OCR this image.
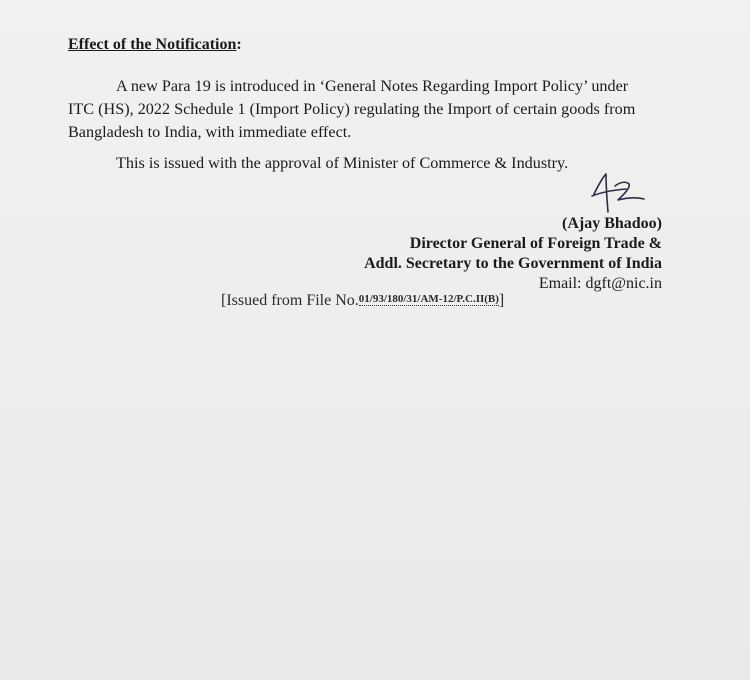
Effect of the Notification:
A new Para 19 is introduced in ‘General Notes Regarding Import Policy’ under
ITC (HS), 2022 Schedule 1 (Import Policy) regulating the Import of certain goods from
Bangladesh to India, with immediate effect.
This is issued with the approval of Minister of Commerce & Industry.
(Ajay Bhadoo)
Director General of Foreign Trade &
Addl. Secretary to the Government of India
Email: dgft@nic.in
[Issued from File No.01/93/180/31/AM-12/P.C.II(B)]
